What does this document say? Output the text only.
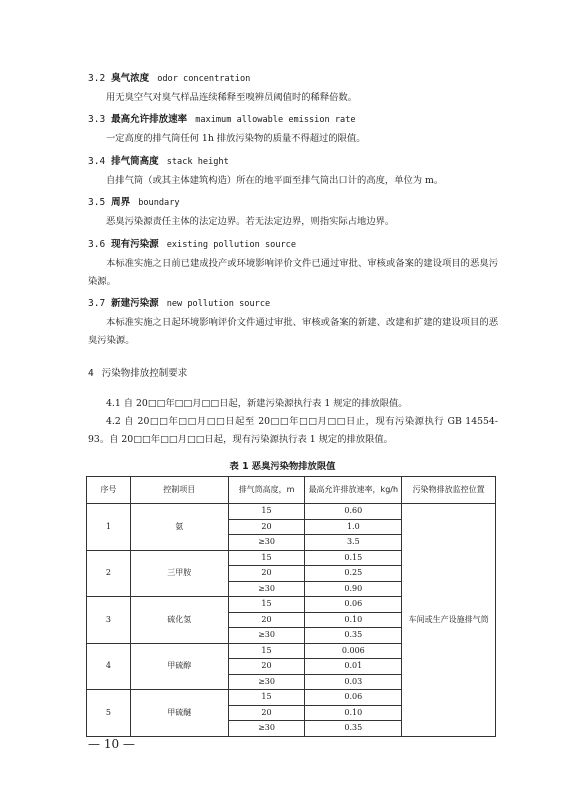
3.2 臭气浓度 odor concentration
用无臭空气对臭气样品连续稀释至嗅辨员阈值时的稀释倍数。
3.3 最高允许排放速率 maximum allowable emission rate
一定高度的排气筒任何 1h 排放污染物的质量不得超过的限值。
3.4 排气筒高度 stack height
自排气筒（或其主体建筑构造）所在的地平面至排气筒出口计的高度，单位为 m。
3.5 周界 boundary
恶臭污染源责任主体的法定边界。若无法定边界，则指实际占地边界。
3.6 现有污染源 existing pollution source
本标准实施之日前已建成投产或环境影响评价文件已通过审批、审核或备案的建设项目的恶臭污染源。
3.7 新建污染源 new pollution source
本标准实施之日起环境影响评价文件通过审批、审核或备案的新建、改建和扩建的建设项目的恶臭污染源。
4 污染物排放控制要求
4.1 自 20□□年□□月□□日起，新建污染源执行表 1 规定的排放限值。
4.2 自 20□□年□□月□□日起至 20□□年□□月□□日止，现有污染源执行 GB 14554-93。自 20□□年□□月□□日起，现有污染源执行表 1 规定的排放限值。
表 1 恶臭污染物排放限值
序号	控制项目	排气筒高度，m	最高允许排放速率，kg/h	污染物排放监控位置
1	氨	15	0.60	车间或生产设施排气筒
		20	1.0	
		≥30	3.5	
2	三甲胺	15	0.15	
		20	0.25	
		≥30	0.90	
3	硫化氢	15	0.06	
		20	0.10	
		≥30	0.35	
4	甲硫醇	15	0.006	
		20	0.01	
		≥30	0.03	
5	甲硫醚	15	0.06	
		20	0.10	
		≥30	0.35	
— 10 —
